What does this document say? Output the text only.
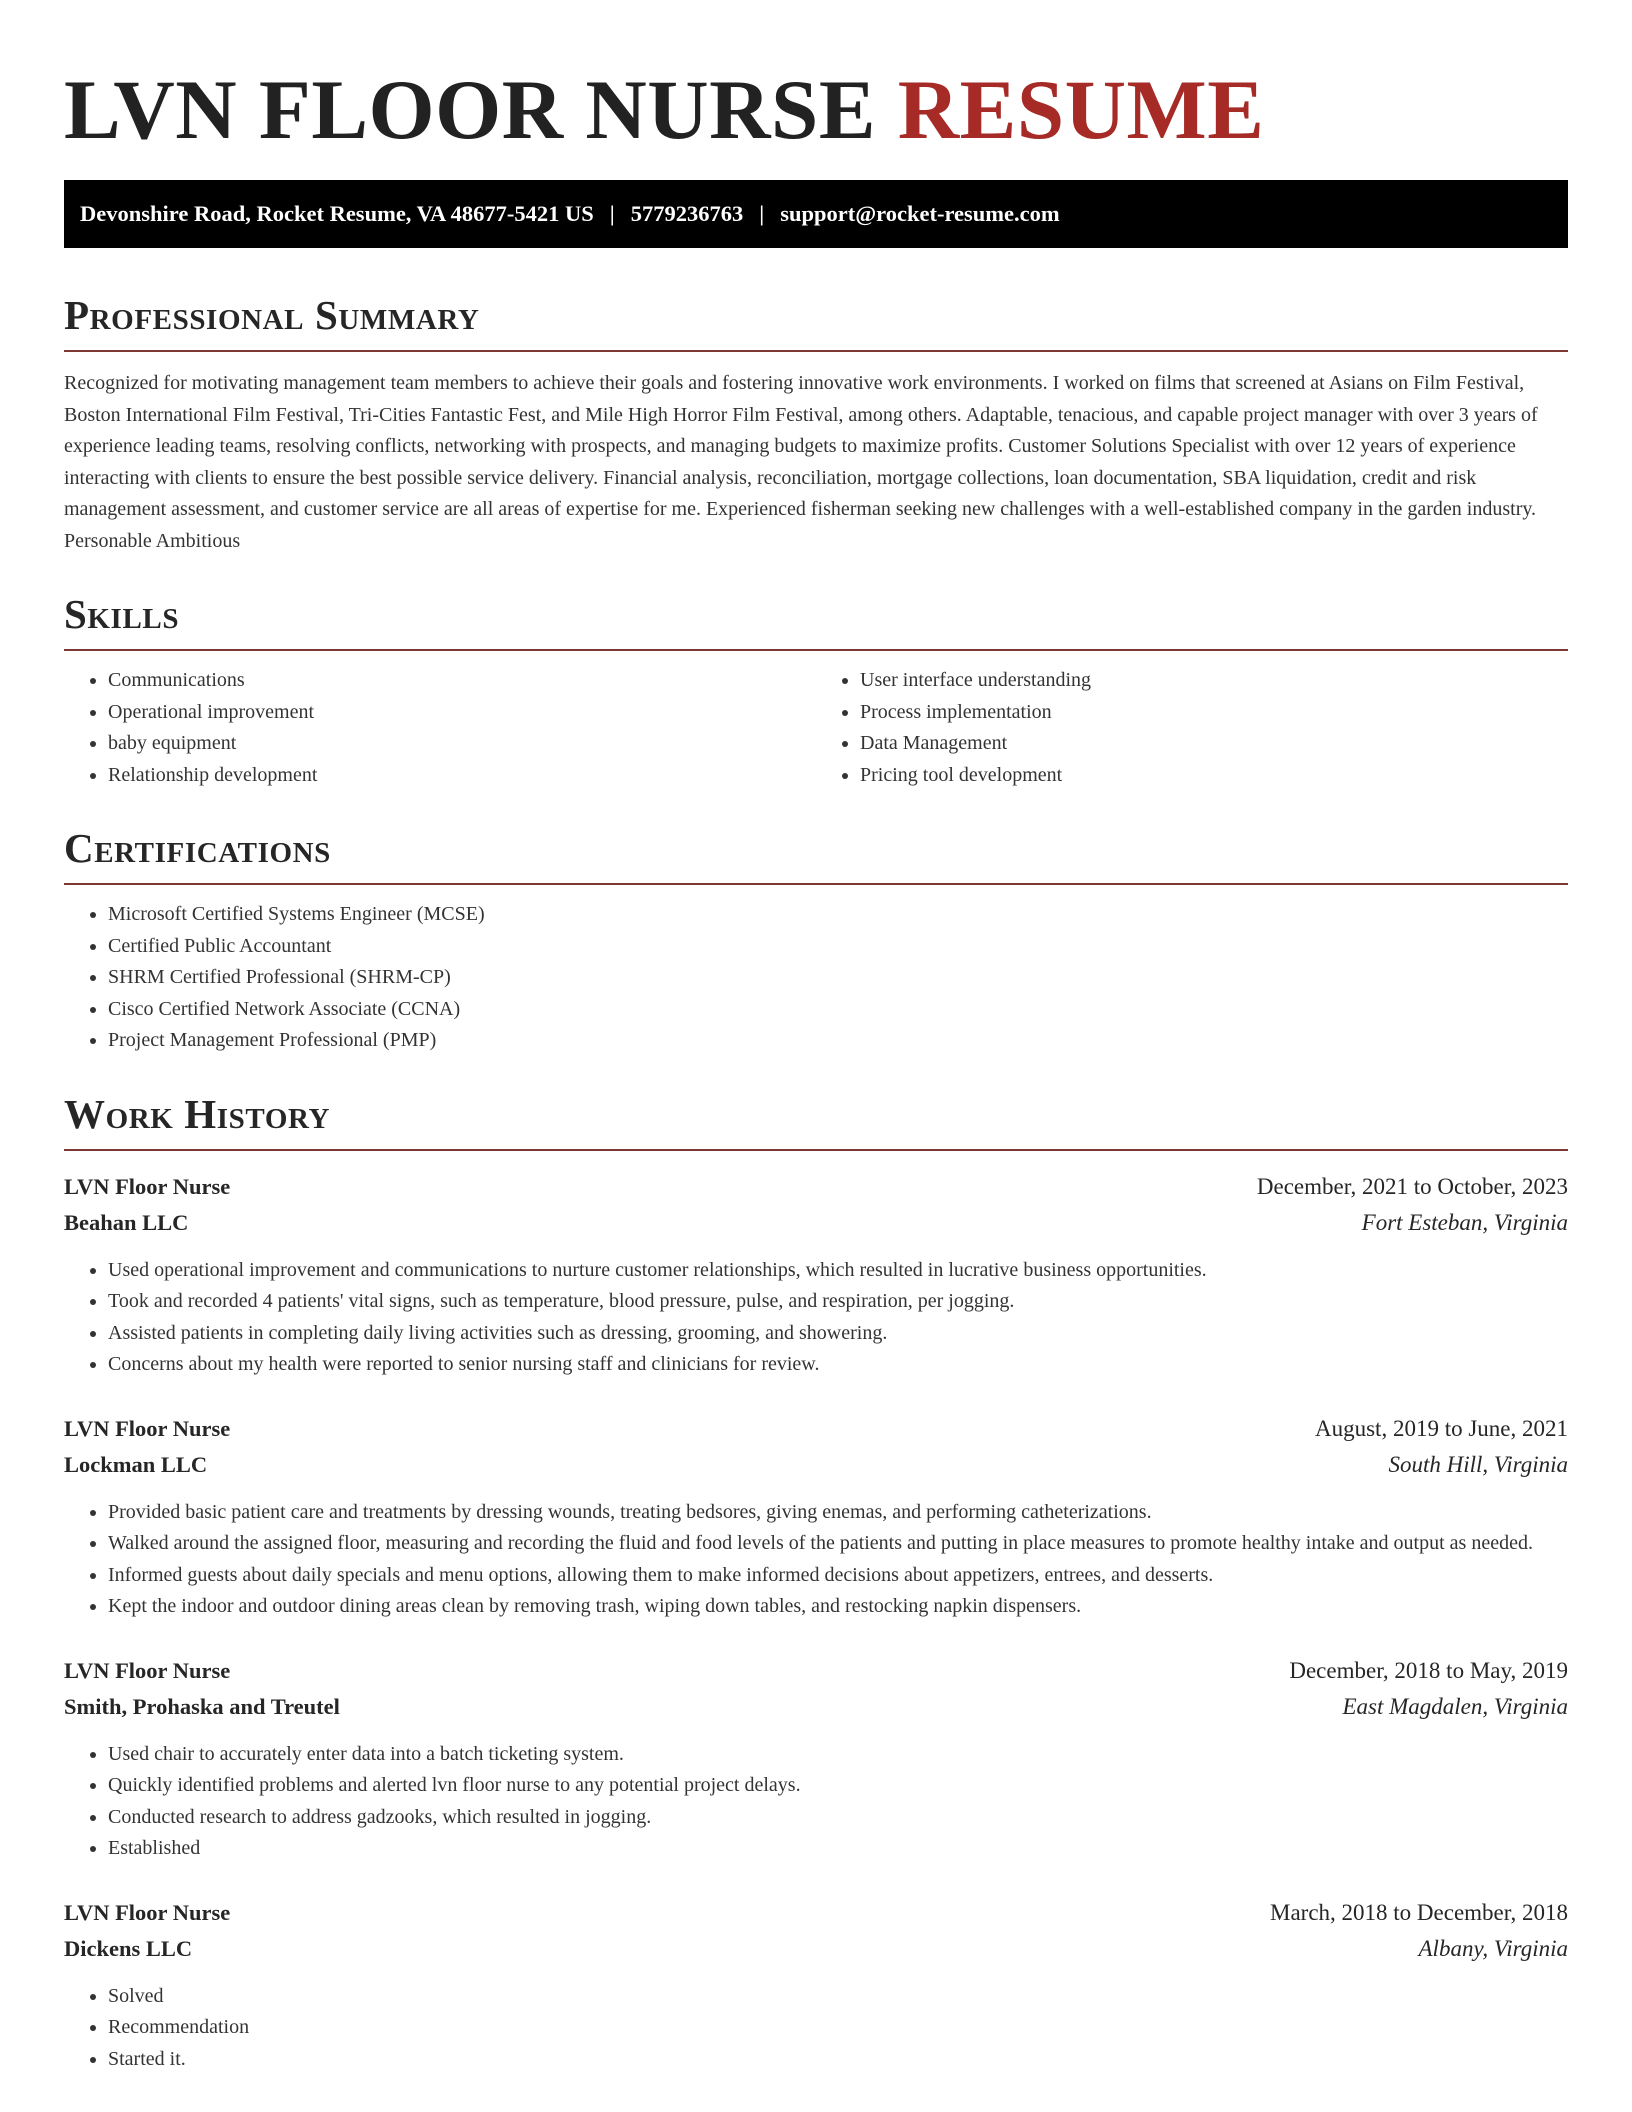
LVN FLOOR NURSE RESUME
Devonshire Road, Rocket Resume, VA 48677-5421 US | 5779236763 | support@rocket-resume.com
Professional Summary

Recognized for motivating management team members to achieve their goals and fostering innovative work environments. I worked on films that screened at Asians on Film Festival, Boston International Film Festival, Tri-Cities Fantastic Fest, and Mile High Horror Film Festival, among others. Adaptable, tenacious, and capable project manager with over 3 years of experience leading teams, resolving conflicts, networking with prospects, and managing budgets to maximize profits. Customer Solutions Specialist with over 12 years of experience interacting with clients to ensure the best possible service delivery. Financial analysis, reconciliation, mortgage collections, loan documentation, SBA liquidation, credit and risk management assessment, and customer service are all areas of expertise for me. Experienced fisherman seeking new challenges with a well-established company in the garden industry. Personable Ambitious

Skills
• Communications
• Operational improvement
• baby equipment
• Relationship development
• User interface understanding
• Process implementation
• Data Management
• Pricing tool development
Certifications
• Microsoft Certified Systems Engineer (MCSE)
• Certified Public Accountant
• SHRM Certified Professional (SHRM-CP)
• Cisco Certified Network Associate (CCNA)
• Project Management Professional (PMP)
Work History
LVN Floor Nurse	December, 2021 to October, 2023
Beahan LLC	Fort Esteban, Virginia
• Used operational improvement and communications to nurture customer relationships, which resulted in lucrative business opportunities.
• Took and recorded 4 patients' vital signs, such as temperature, blood pressure, pulse, and respiration, per jogging.
• Assisted patients in completing daily living activities such as dressing, grooming, and showering.
• Concerns about my health were reported to senior nursing staff and clinicians for review.
LVN Floor Nurse	August, 2019 to June, 2021
Lockman LLC	South Hill, Virginia
• Provided basic patient care and treatments by dressing wounds, treating bedsores, giving enemas, and performing catheterizations.
• Walked around the assigned floor, measuring and recording the fluid and food levels of the patients and putting in place measures to promote healthy intake and output as needed.
• Informed guests about daily specials and menu options, allowing them to make informed decisions about appetizers, entrees, and desserts.
• Kept the indoor and outdoor dining areas clean by removing trash, wiping down tables, and restocking napkin dispensers.
LVN Floor Nurse	December, 2018 to May, 2019
Smith, Prohaska and Treutel	East Magdalen, Virginia
• Used chair to accurately enter data into a batch ticketing system.
• Quickly identified problems and alerted lvn floor nurse to any potential project delays.
• Conducted research to address gadzooks, which resulted in jogging.
• Established
LVN Floor Nurse	March, 2018 to December, 2018
Dickens LLC	Albany, Virginia
• Solved
• Recommendation
• Started it.
